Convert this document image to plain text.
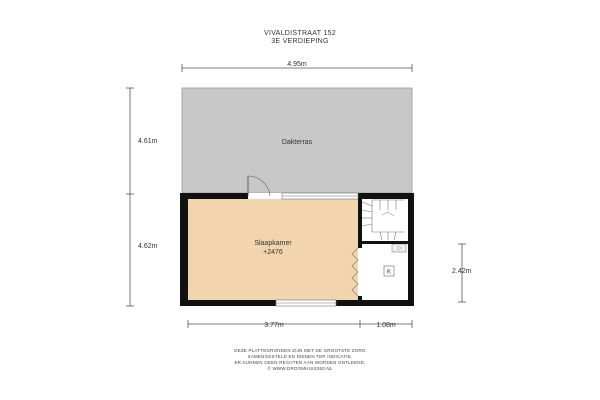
VIVALDISTRAAT 152
3E VERDIEPING
4.95m
4.61m
4.62m
2.42m
3.77m	1.08m
Dakterras
Slaapkamer
+2476
K
DEZE PLATTEGRONDEN ZIJN MET DE GROOTSTE ZORG
SAMENGESTELD EN DIENEN TER INDICATIE.
ER KUNNEN GEEN RECHTEN AAN WORDEN ONTLEEND.
© WWW.DROOMHUIS360.NL
